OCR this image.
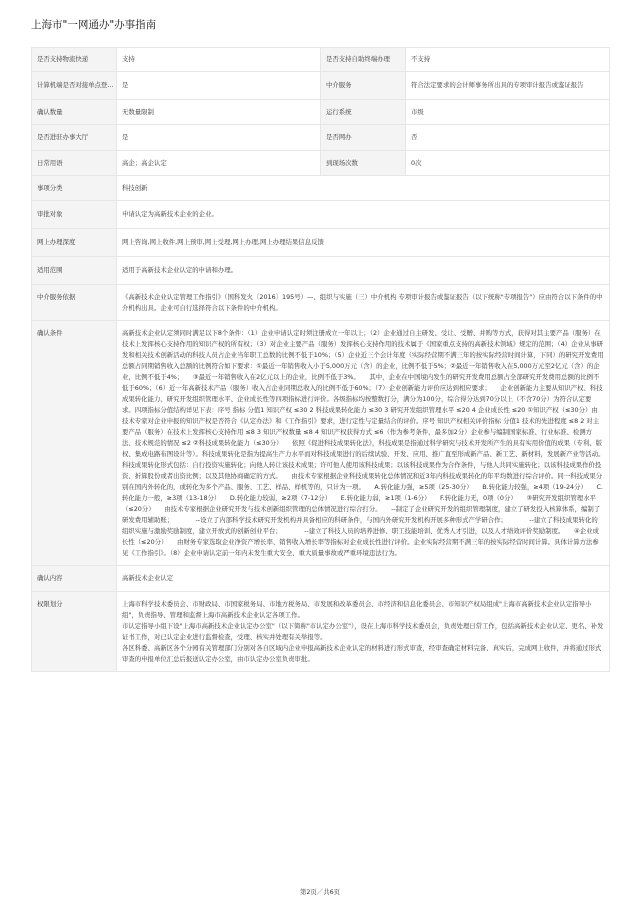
上海市"一网通办"办事指南
是否支持物流快递	支持	是否支持自助终端办理	不支持
计算机端是否对接单点登...	是	中介服务	符合法定要求的会计师事务所出具的专项审计报告或鉴证报告
确认数量	无数量限制	运行系统	市级
是否进驻办事大厅	是	是否网办	否
日常用语	高企；高企认定	到现场次数	0次
事项分类	科技创新		
审批对象	申请认定为高新技术企业的企业。		
网上办理深度	网上咨询,网上收件,网上预审,网上受理,网上办理,网上办理结果信息反馈		
适用范围	适用于高新技术企业认定的申请和办理。		
中介服务依据	《高新技术企业认定管理工作指引》（国科发火〔2016〕195号）—、组织与实施（三）中介机构 专项审计报告或鉴证报告（以下统称"专项报告"）应由符合以下条件的中介机构出具。企业可自行选择符合以下条件的中介机构。		
确认条件	高新技术企业认定须同时满足以下8个条件：（1）企业申请认定时须注册成立一年以上；（2）企业通过自主研发、受让、受赠、并购等方式，获得对其主要产品（服务）在技术上发挥核心支持作用的知识产权的所有权；（3）对企业主要产品（服务）发挥核心支持作用的技术属于《国家重点支持的高新技术领域》规定的范围；（4）企业从事研发和相关技术创新活动的科技人员占企业当年职工总数的比例不低于10%；（5）企业近三个会计年度（实际经营期不满三年的按实际经营时间计算，下同）的研究开发费用总额占同期销售收入总额的比例符合如下要求：①最近一年销售收入小于5,000万元（含）的企业，比例不低于5%；②最近一年销售收入在5,000万元至2亿元（含）的企业，比例不低于4%；　　③最近一年销售收入在2亿元以上的企业，比例不低于3%。　　其中，企业在中国境内发生的研究开发费用总额占全部研究开发费用总额的比例不低于60%；（6）近一年高新技术产品（服务）收入占企业同期总收入的比例不低于60%；（7）企业创新能力评价应达到相应要求；　　企业创新能力主要从知识产权、科技成果转化能力、研究开发组织管理水平、企业成长性等四项指标进行评价。各级指标均按整数打分，满分为100分，综合得分达到70分以上（不含70分）为符合认定要求。四项指标分值结构详见下表：序号 指标 分值1 知识产权 ≤30 2 科技成果转化能力 ≤30 3 研究开发组织管理水平 ≤20 4 企业成长性 ≤20 ①知识产权（≤30分）由技术专家对企业申报的知识产权是否符合《认定办法》和《工作指引》要求，进行定性与定量结合的评价。序号 知识产权相关评价指标 分值1 技术的先进程度 ≤8 2 对主要产品（服务）在技术上发挥核心支持作用 ≤8 3 知识产权数量 ≤8 4 知识产权获得方式 ≤6（作为参考条件，最多加2分）企业参与编制国家标准、行业标准、检测方法、技术规范的情况 ≤2 ②科技成果转化能力（≤30分）　　依照《促进科技成果转化法》，科技成果是指通过科学研究与技术开发所产生的具有实用价值的成果（专利、版权、集成电路布图设计等）。科技成果转化是指为提高生产力水平而对科技成果进行的后续试验、开发、应用、推广直至形成新产品、新工艺、新材料，发展新产业等活动。　　科技成果转化形式包括：自行投资实施转化；向他人转让该技术成果；许可他人使用该科技成果；以该科技成果作为合作条件，与他人共同实施转化；以该科技成果作价投资、折算股份或者出资比例；以及其他协商确定的方式。　　由技术专家根据企业科技成果转化总体情况和近3年内科技成果转化的年平均数进行综合评价。同一科技成果分别在国内外转化的，或转化为多个产品、服务、工艺、样品、样机等的，只计为一项。　　A.转化能力强，≥5项（25-30分）　　B.转化能力较强，≥4项（19-24分）　　C.转化能力一般，≥3项（13-18分）　　D.转化能力较弱，≥2项（7-12分）　　E.转化能力弱，≥1项（1-6分）　　F.转化能力无，0项（0分）　　③研究开发组织管理水平（≤20分）　　由技术专家根据企业研究开发与技术创新组织管理的总体情况进行综合打分。　　--制定了企业研究开发的组织管理制度，建立了研发投入核算体系，编制了研发费用辅助账；　　　　--设立了内部科学技术研究开发机构并具备相应的科研条件，与国内外研究开发机构开展多种形式产学研合作；　　　　--建立了科技成果转化的组织实施与激励奖励制度，建立开放式的创新创业平台；　　　　--建立了科技人员的培养进修、职工技能培训、优秀人才引进，以及人才绩效评价奖励制度。　　④企业成长性（≤20分）　　由财务专家选取企业净资产增长率、销售收入增长率等指标对企业成长性进行评价。企业实际经营期不满三年的按实际经营时间计算。具体计算方法参见《工作指引》。（8）企业申请认定前一年内未发生重大安全、重大质量事故或严重环境违法行为。		
确认内容	高新技术企业认定		
权限划分	上海市科学技术委员会、市财政局、市国家税务局、市地方税务局、市发展和改革委员会、市经济和信息化委员会、市知识产权局组成"上海市高新技术企业认定指导小组"，负责指导、管理和监督上海市高新技术企业认定各项工作。
市认定指导小组下设"上海市高新技术企业认定办公室"（以下简称"市认定办公室"），设在上海市科学技术委员会，负责处理日常工作，包括高新技术企业认定、更名、补发证书工作，对已认定企业进行监督检查，受理、核实并处理有关举报等。
各区科委、高新区各个分园有关管理部门分别对各自区域内企业申报高新技术企业认定的材料进行形式审查，经审查确定材料完备、真实后，完成网上收件，并将通过形式审查的申报单位汇总后报送认定办公室，由市认定办公室负责审批。		
第2页／共6页
